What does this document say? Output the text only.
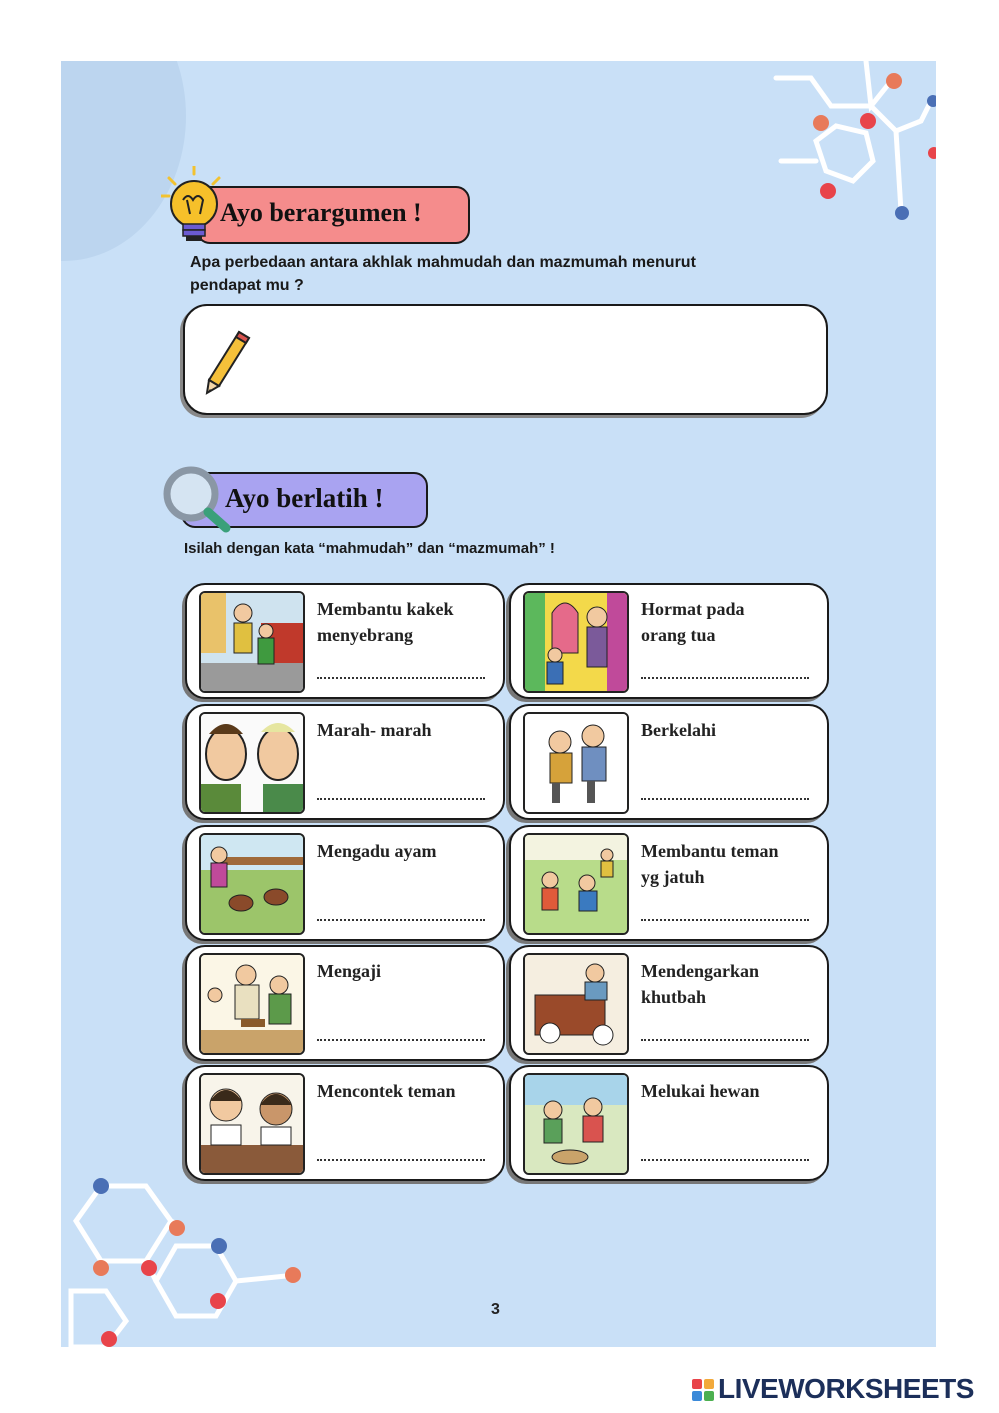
Ayo berargumen !
Apa perbedaan antara akhlak mahmudah dan mazmumah menurut
pendapat mu ?
Ayo berlatih !
Isilah dengan kata “mahmudah” dan “mazmumah” !
Membantu kakek
menyebrang
Hormat pada
orang tua
Marah- marah	Berkelahi
Mengadu ayam	Membantu teman
yg jatuh
Mengaji	Mendengarkan
khutbah
Mencontek teman	Melukai hewan
3
LIVEWORKSHEETS
